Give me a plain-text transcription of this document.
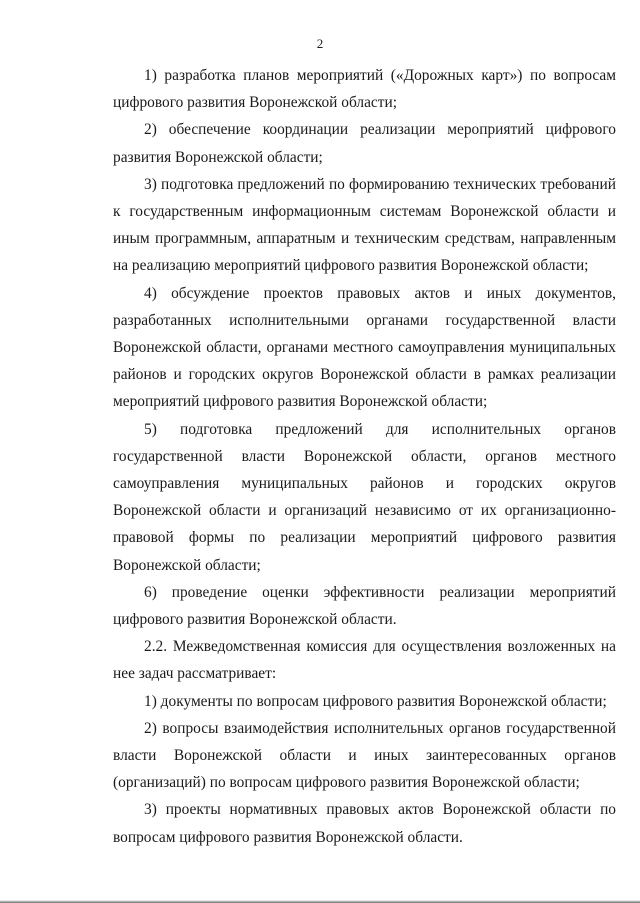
2

1) разработка планов мероприятий («Дорожных карт») по вопросам цифрового развития Воронежской области;

2) обеспечение координации реализации мероприятий цифрового развития Воронежской области;

3) подготовка предложений по формированию технических требований к государственным информационным системам Воронежской области и иным программным, аппаратным и техническим средствам, направленным на реализацию мероприятий цифрового развития Воронежской области;

4) обсуждение проектов правовых актов и иных документов, разработанных исполнительными органами государственной власти Воронежской области, органами местного самоуправления муниципальных районов и городских округов Воронежской области в рамках реализации мероприятий цифрового развития Воронежской области;

5) подготовка предложений для исполнительных органов государственной власти Воронежской области, органов местного самоуправления муниципальных районов и городских округов Воронежской области и организаций независимо от их организационно-правовой формы по реализации мероприятий цифрового развития Воронежской области;

6) проведение оценки эффективности реализации мероприятий цифрового развития Воронежской области.

2.2. Межведомственная комиссия для осуществления возложенных на нее задач рассматривает:

1) документы по вопросам цифрового развития Воронежской области;

2) вопросы взаимодействия исполнительных органов государственной власти Воронежской области и иных заинтересованных органов (организаций) по вопросам цифрового развития Воронежской области;

3) проекты нормативных правовых актов Воронежской области по вопросам цифрового развития Воронежской области.
